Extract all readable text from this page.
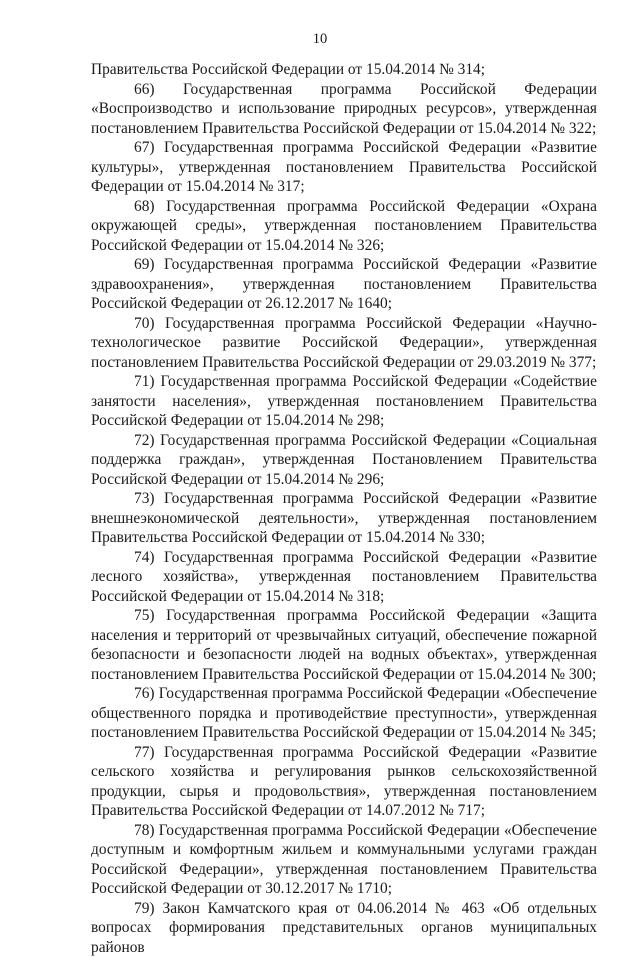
10

Правительства Российской Федерации от 15.04.2014 № 314;

66) Государственная программа Российской Федерации «Воспроизводство и использование природных ресурсов», утвержденная постановлением Правительства Российской Федерации от 15.04.2014 № 322;

67) Государственная программа Российской Федерации «Развитие культуры», утвержденная постановлением Правительства Российской Федерации от 15.04.2014 № 317;

68) Государственная программа Российской Федерации «Охрана окружающей среды», утвержденная постановлением Правительства Российской Федерации от 15.04.2014 № 326;

69) Государственная программа Российской Федерации «Развитие здравоохранения», утвержденная постановлением Правительства Российской Федерации от 26.12.2017 № 1640;

70) Государственная программа Российской Федерации «Научно-технологическое развитие Российской Федерации», утвержденная постановлением Правительства Российской Федерации от 29.03.2019 № 377;

71) Государственная программа Российской Федерации «Содействие занятости населения», утвержденная постановлением Правительства Российской Федерации от 15.04.2014 № 298;

72) Государственная программа Российской Федерации «Социальная поддержка граждан», утвержденная Постановлением Правительства Российской Федерации от 15.04.2014 № 296;

73) Государственная программа Российской Федерации «Развитие внешнеэкономической деятельности», утвержденная постановлением Правительства Российской Федерации от 15.04.2014 № 330;

74) Государственная программа Российской Федерации «Развитие лесного хозяйства», утвержденная постановлением Правительства Российской Федерации от 15.04.2014 № 318;

75) Государственная программа Российской Федерации «Защита населения и территорий от чрезвычайных ситуаций, обеспечение пожарной безопасности и безопасности людей на водных объектах», утвержденная постановлением Правительства Российской Федерации от 15.04.2014 № 300;

76) Государственная программа Российской Федерации «Обеспечение общественного порядка и противодействие преступности», утвержденная постановлением Правительства Российской Федерации от 15.04.2014 № 345;

77) Государственная программа Российской Федерации «Развитие сельского хозяйства и регулирования рынков сельскохозяйственной продукции, сырья и продовольствия», утвержденная постановлением Правительства Российской Федерации от 14.07.2012 № 717;

78) Государственная программа Российской Федерации «Обеспечение доступным и комфортным жильем и коммунальными услугами граждан Российской Федерации», утвержденная постановлением Правительства Российской Федерации от 30.12.2017 № 1710;

79) Закон Камчатского края от 04.06.2014 № 463 «Об отдельных вопросах формирования представительных органов муниципальных районов
